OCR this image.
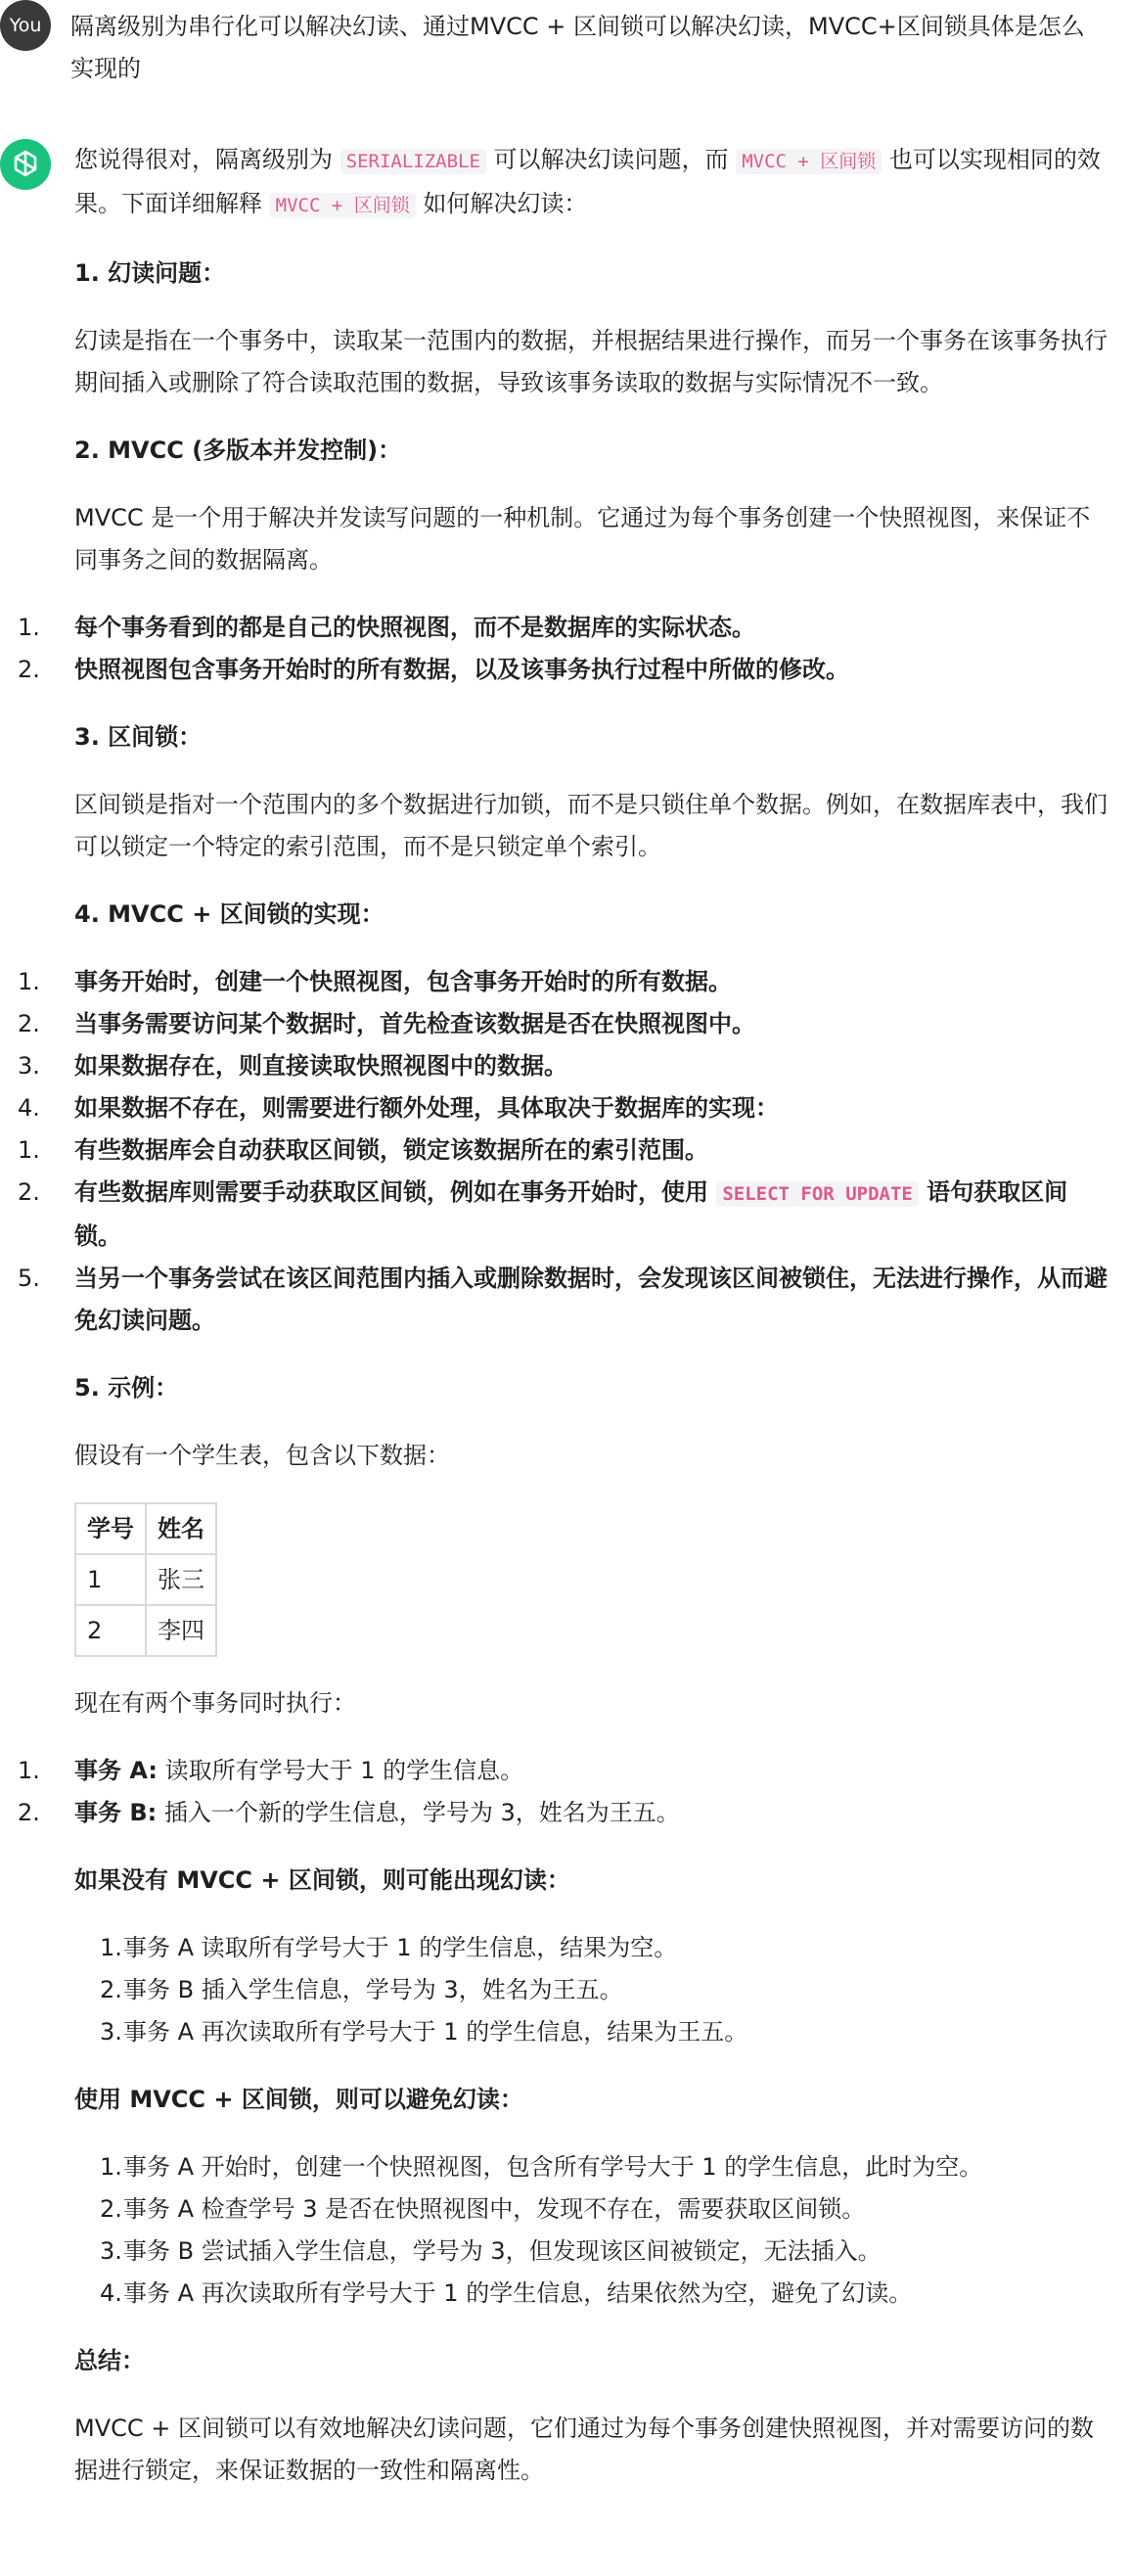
You 隔离级别为串行化可以解决幻读、通过MVCC + 区间锁可以解决幻读，MVCC+区间锁具体是怎么实现的

您说得很对，隔离级别为 SERIALIZABLE 可以解决幻读问题，而 MVCC + 区间锁 也可以实现相同的效果。下面详细解释 MVCC + 区间锁 如何解决幻读：

1. 幻读问题：

幻读是指在一个事务中，读取某一范围内的数据，并根据结果进行操作，而另一个事务在该事务执行期间插入或删除了符合读取范围的数据，导致该事务读取的数据与实际情况不一致。

2. MVCC (多版本并发控制)：

MVCC 是一个用于解决并发读写问题的一种机制。它通过为每个事务创建一个快照视图，来保证不同事务之间的数据隔离。

1. 每个事务看到的都是自己的快照视图，而不是数据库的实际状态。
2. 快照视图包含事务开始时的所有数据，以及该事务执行过程中所做的修改。
3. 区间锁：

区间锁是指对一个范围内的多个数据进行加锁，而不是只锁住单个数据。例如，在数据库表中，我们可以锁定一个特定的索引范围，而不是只锁定单个索引。

4. MVCC + 区间锁的实现：
1. 事务开始时，创建一个快照视图，包含事务开始时的所有数据。
2. 当事务需要访问某个数据时，首先检查该数据是否在快照视图中。
3. 如果数据存在，则直接读取快照视图中的数据。
4. 如果数据不存在，则需要进行额外处理，具体取决于数据库的实现：
1. 有些数据库会自动获取区间锁，锁定该数据所在的索引范围。
2. 有些数据库则需要手动获取区间锁，例如在事务开始时，使用 SELECT FOR UPDATE 语句获取区间锁。
5. 当另一个事务尝试在该区间范围内插入或删除数据时，会发现该区间被锁住，无法进行操作，从而避免幻读问题。
5. 示例：

假设有一个学生表，包含以下数据：

学号	姓名
1	张三
2	李四

现在有两个事务同时执行：

1. 事务 A: 读取所有学号大于 1 的学生信息。
2. 事务 B: 插入一个新的学生信息，学号为 3，姓名为王五。
如果没有 MVCC + 区间锁，则可能出现幻读：
1. 事务 A 读取所有学号大于 1 的学生信息，结果为空。
2. 事务 B 插入学生信息，学号为 3，姓名为王五。
3. 事务 A 再次读取所有学号大于 1 的学生信息，结果为王五。
使用 MVCC + 区间锁，则可以避免幻读：
1. 事务 A 开始时，创建一个快照视图，包含所有学号大于 1 的学生信息，此时为空。
2. 事务 A 检查学号 3 是否在快照视图中，发现不存在，需要获取区间锁。
3. 事务 B 尝试插入学生信息，学号为 3，但发现该区间被锁定，无法插入。
4. 事务 A 再次读取所有学号大于 1 的学生信息，结果依然为空，避免了幻读。
总结：

MVCC + 区间锁可以有效地解决幻读问题，它们通过为每个事务创建快照视图，并对需要访问的数据进行锁定，来保证数据的一致性和隔离性。
